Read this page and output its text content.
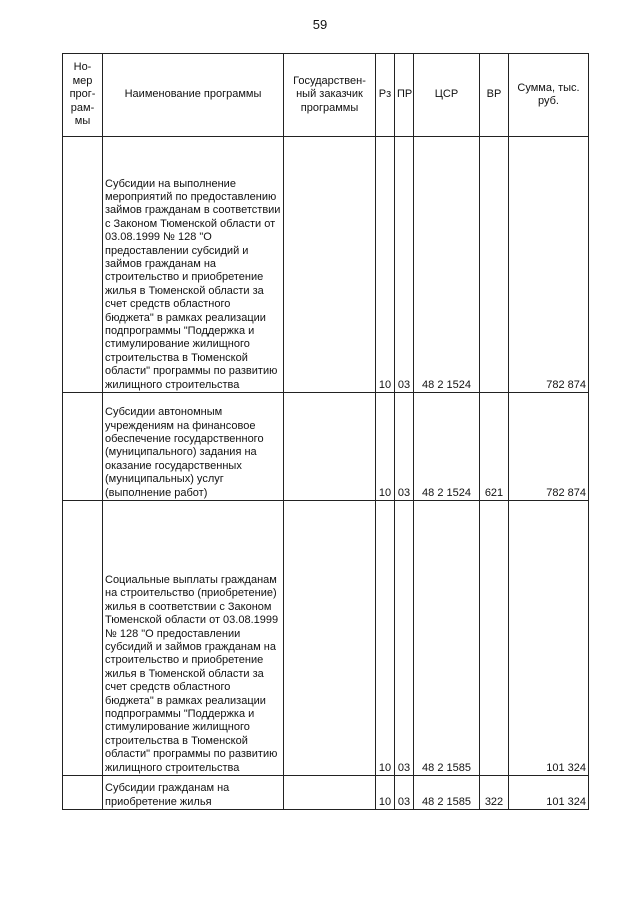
59
Но-мер прог-рам-мы	Наименование программы	Государствен-ный заказчик программы	Рз	ПР	ЦСР	ВР	Сумма, тыс. руб.
	Субсидии на выполнение мероприятий по предоставлению займов гражданам в соответствии с Законом Тюменской области от 03.08.1999 № 128 "О предоставлении субсидий и займов гражданам на строительство и приобретение жилья в Тюменской области за счет средств областного бюджета" в рамках реализации подпрограммы "Поддержка и стимулирование жилищного строительства в Тюменской области" программы по развитию жилищного строительства		10	03	48 2 1524		782 874
	Субсидии автономным учреждениям на финансовое обеспечение государственного (муниципального) задания на оказание государственных (муниципальных) услуг (выполнение работ)		10	03	48 2 1524	621	782 874
	Социальные выплаты гражданам на строительство (приобретение) жилья в соответствии с Законом Тюменской области от 03.08.1999 № 128 "О предоставлении субсидий и займов гражданам на строительство и приобретение жилья в Тюменской области за счет средств областного бюджета" в рамках реализации подпрограммы "Поддержка и стимулирование жилищного строительства в Тюменской области" программы по развитию жилищного строительства		10	03	48 2 1585		101 324
	Субсидии гражданам на приобретение жилья		10	03	48 2 1585	322	101 324
